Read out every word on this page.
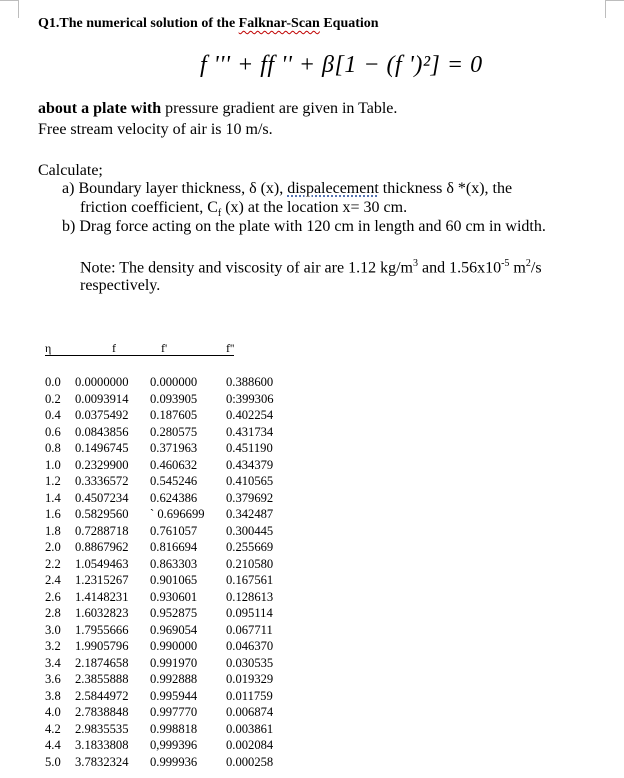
Q1.The numerical solution of the Falknar-Scan Equation
f ''' + ff '' + β[1 − (f ')²] = 0
about a plate with pressure gradient are given in Table.
Free stream velocity of air is 10 m/s.
Calculate;
a) Boundary layer thickness, δ (x), dispalecement thickness δ *(x), the
friction coefficient, $C_f$ (x) at the location x= 30 cm.
b) Drag force acting on the plate with 120 cm in length and 60 cm in width.
Note: The density and viscosity of air are 1.12 $kg/m^3$ and $1.56x10^{-5}$ $m^2/s$
respectively.
η	f	f'	f''
0.0	0.0000000	0.000000	0.388600
0.2	0.0093914	0.093905	0:399306
0.4	0.0375492	0.187605	0.402254
0.6	0.0843856	0.280575	0.431734
0.8	0.1496745	0.371963	0.451190
1.0	0.2329900	0.460632	0.434379
1.2	0.3336572	0.545246	0.410565
1.4	0.4507234	0.624386	0.379692
1.6	0.5829560	` 0.696699	0.342487
1.8	0.7288718	0.761057	0.300445
2.0	0.8867962	0.816694	0.255669
2.2	1.0549463	0.863303	0.210580
2.4	1.2315267	0.901065	0.167561
2.6	1.4148231	0.930601	0.128613
2.8	1.6032823	0.952875	0.095114
3.0	1.7955666	0.969054	0.067711
3.2	1.9905796	0.990000	0.046370
3.4	2.1874658	0.991970	0.030535
3.6	2.3855888	0.992888	0.019329
3.8	2.5844972	0.995944	0.011759
4.0	2.7838848	0.997770	0.006874
4.2	2.9835535	0.998818	0.003861
4.4	3.1833808	0,999396	0.002084
5.0	3.7832324	0.999936	0.000258
